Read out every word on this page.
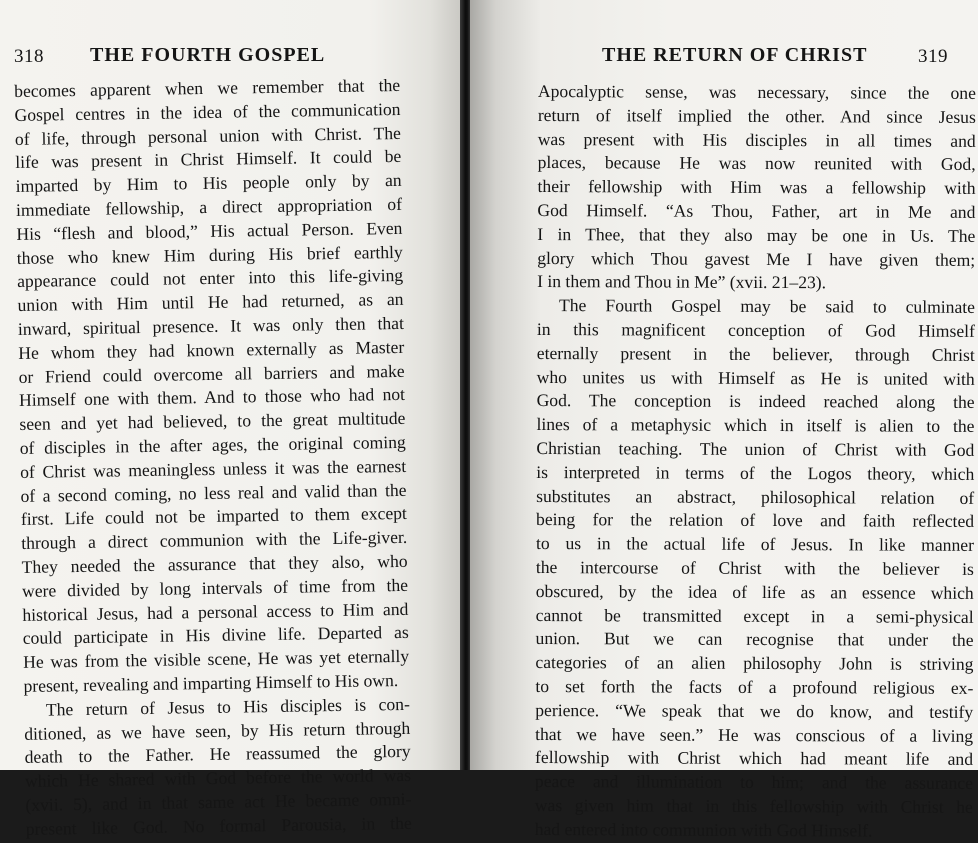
318 THE FOURTH GOSPEL
becomes apparent when we remember that the
Gospel centres in the idea of the communication
of life, through personal union with Christ. The
life was present in Christ Himself. It could be
imparted by Him to His people only by an
immediate fellowship, a direct appropriation of
His “flesh and blood,” His actual Person. Even
those who knew Him during His brief earthly
appearance could not enter into this life-giving
union with Him until He had returned, as an
inward, spiritual presence. It was only then that
He whom they had known externally as Master
or Friend could overcome all barriers and make
Himself one with them. And to those who had not
seen and yet had believed, to the great multitude
of disciples in the after ages, the original coming
of Christ was meaningless unless it was the earnest
of a second coming, no less real and valid than the
first. Life could not be imparted to them except
through a direct communion with the Life-giver.
They needed the assurance that they also, who
were divided by long intervals of time from the
historical Jesus, had a personal access to Him and
could participate in His divine life. Departed as
He was from the visible scene, He was yet eternally
present, revealing and imparting Himself to His own.
The return of Jesus to His disciples is con-
ditioned, as we have seen, by His return through
death to the Father. He reassumed the glory
which He shared with God before the world was
(xvii. 5), and in that same act He became omni-
present like God. No formal Parousia, in the
THE RETURN OF CHRIST	319
Apocalyptic sense, was necessary, since the one
return of itself implied the other. And since Jesus
was present with His disciples in all times and
places, because He was now reunited with God,
their fellowship with Him was a fellowship with
God Himself. “As Thou, Father, art in Me and
I in Thee, that they also may be one in Us. The
glory which Thou gavest Me I have given them;
I in them and Thou in Me” (xvii. 21–23).
The Fourth Gospel may be said to culminate
in this magnificent conception of God Himself
eternally present in the believer, through Christ
who unites us with Himself as He is united with
God. The conception is indeed reached along the
lines of a metaphysic which in itself is alien to the
Christian teaching. The union of Christ with God
is interpreted in terms of the Logos theory, which
substitutes an abstract, philosophical relation of
being for the relation of love and faith reflected
to us in the actual life of Jesus. In like manner
the intercourse of Christ with the believer is
obscured, by the idea of life as an essence which
cannot be transmitted except in a semi-physical
union. But we can recognise that under the
categories of an alien philosophy John is striving
to set forth the facts of a profound religious ex-
perience. “We speak that we do know, and testify
that we have seen.” He was conscious of a living
fellowship with Christ which had meant life and
peace and illumination to him; and the assurance
was given him that in this fellowship with Christ he
had entered into communion with God Himself.
